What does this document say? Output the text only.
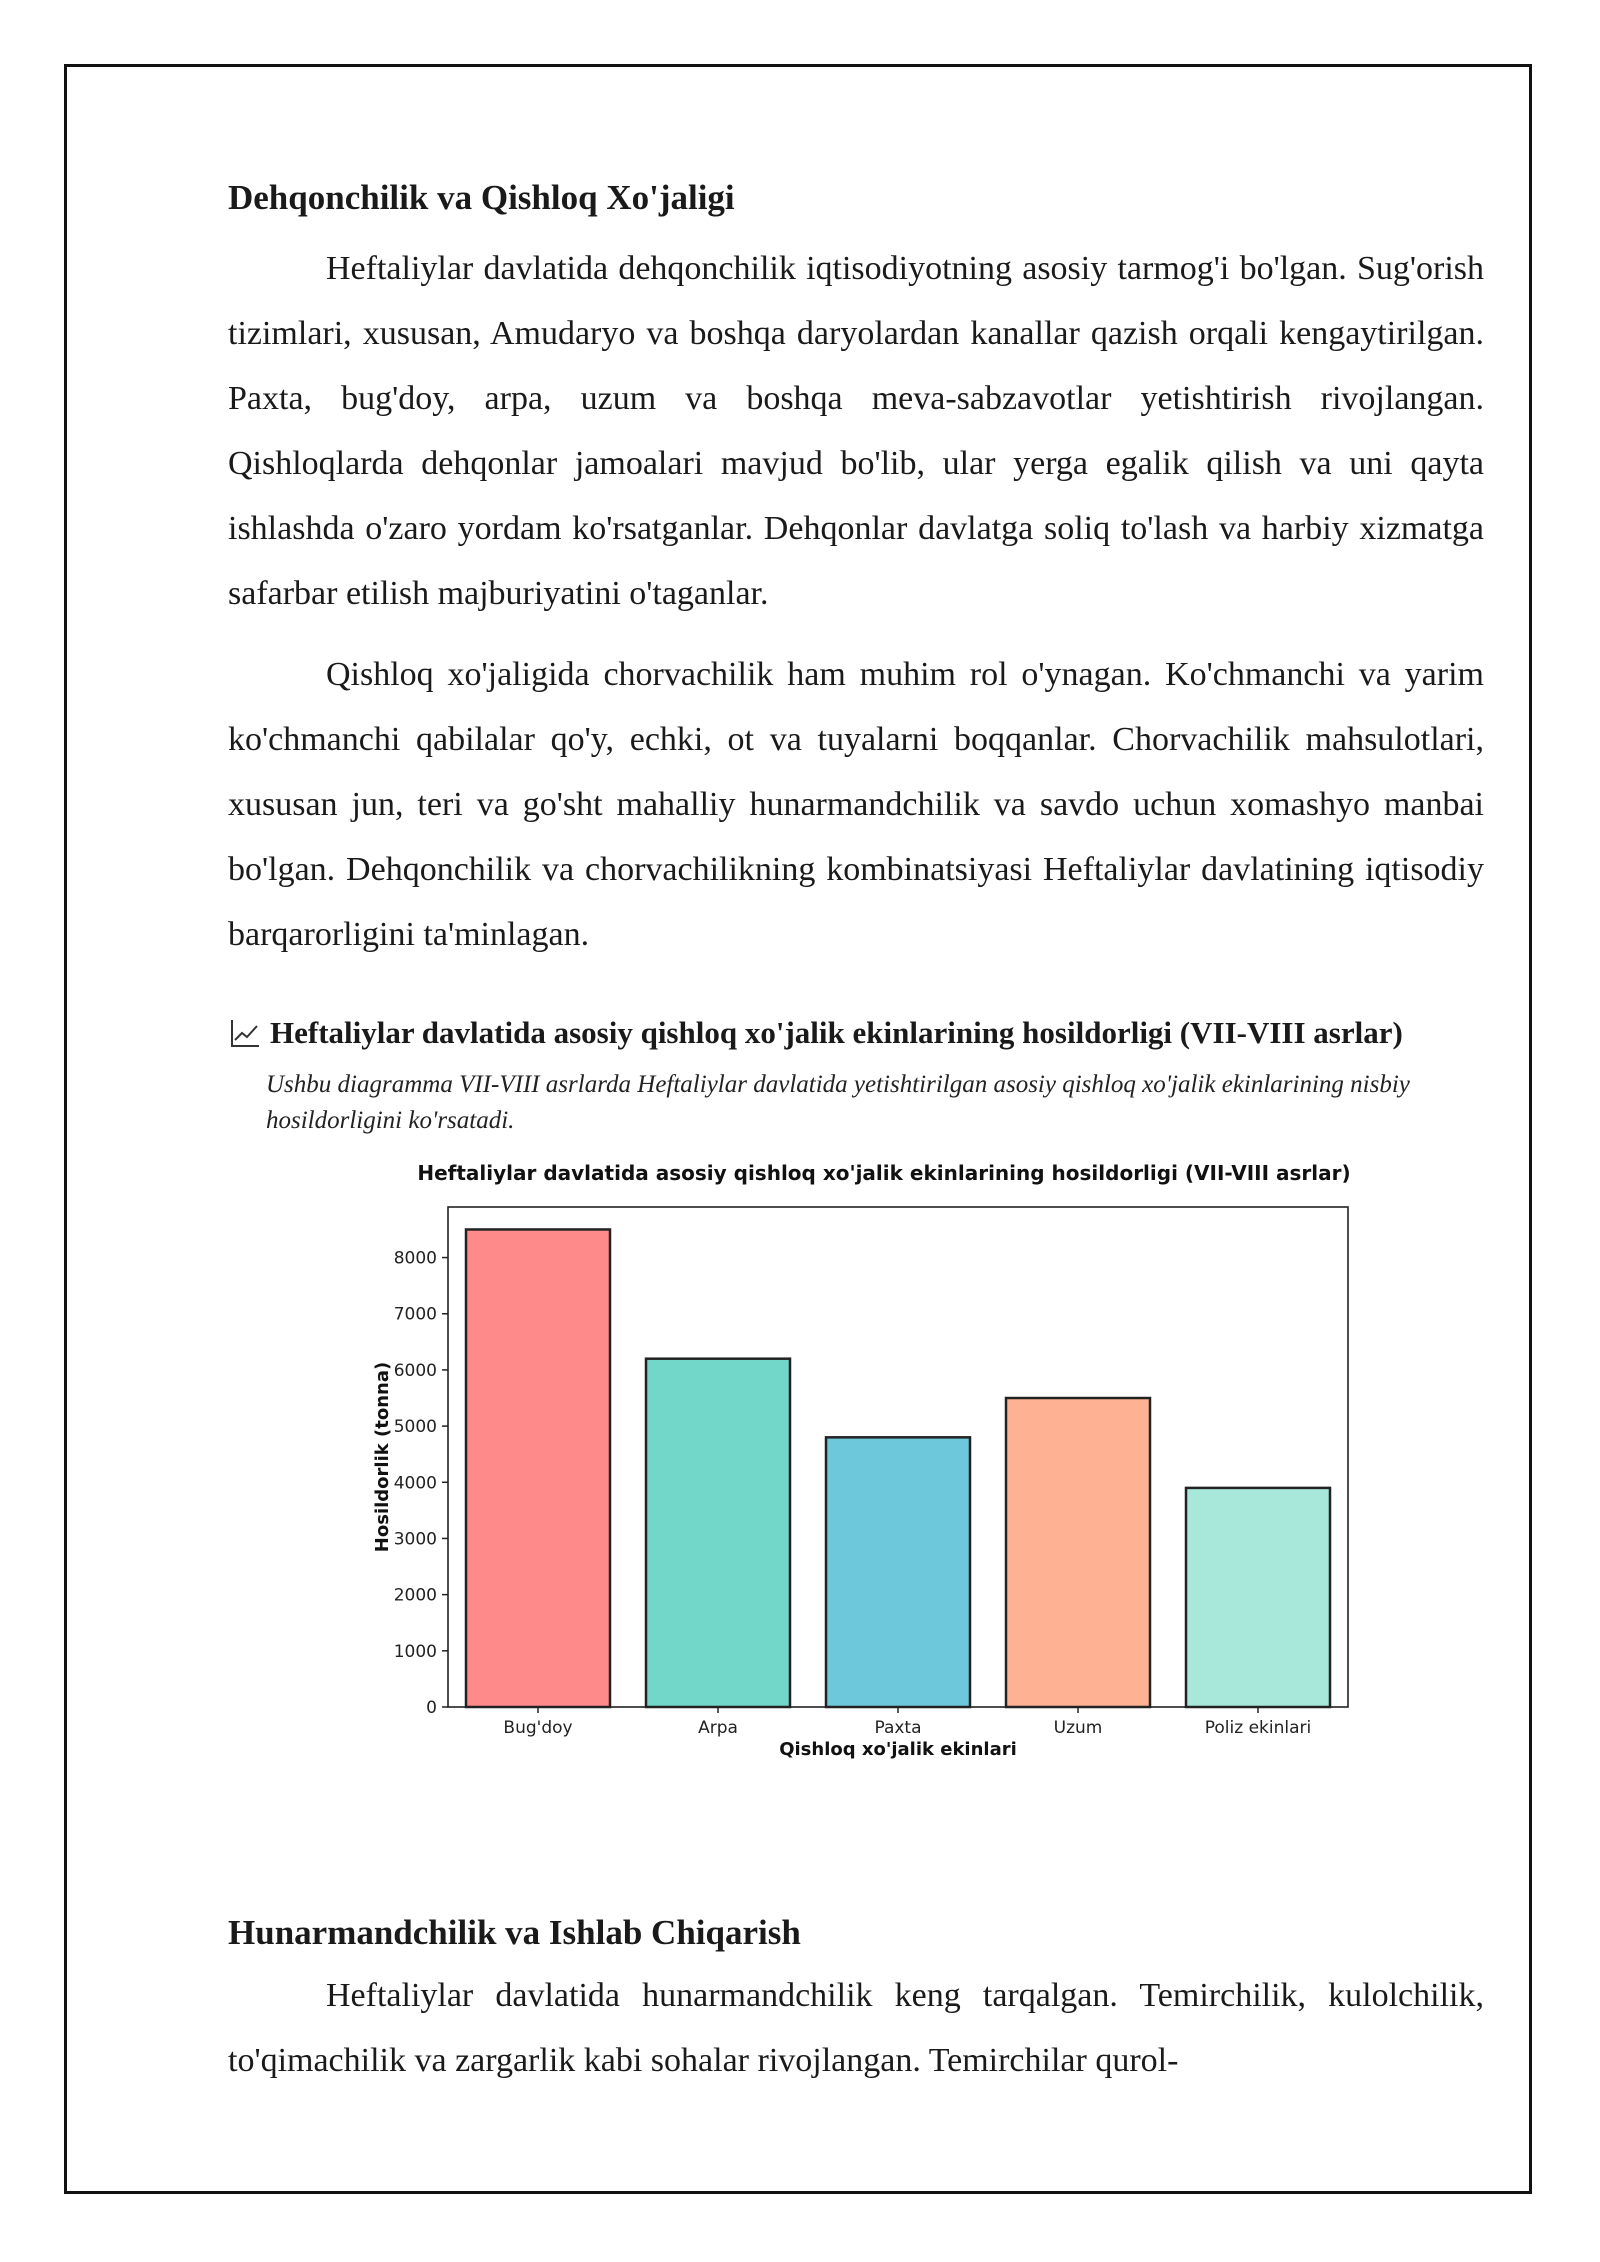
Dehqonchilik va Qishloq Xo'jaligi

Heftaliylar davlatida dehqonchilik iqtisodiyotning asosiy tarmog'i bo'lgan. Sug'orish tizimlari, xususan, Amudaryo va boshqa daryolardan kanallar qazish orqali kengaytirilgan. Paxta, bug'doy, arpa, uzum va boshqa meva-sabzavotlar yetishtirish rivojlangan. Qishloqlarda dehqonlar jamoalari mavjud bo'lib, ular yerga egalik qilish va uni qayta ishlashda o'zaro yordam ko'rsatganlar. Dehqonlar davlatga soliq to'lash va harbiy xizmatga safarbar etilish majburiyatini o'taganlar.

Qishloq xo'jaligida chorvachilik ham muhim rol o'ynagan. Ko'chmanchi va yarim ko'chmanchi qabilalar qo'y, echki, ot va tuyalarni boqqanlar. Chorvachilik mahsulotlari, xususan jun, teri va go'sht mahalliy hunarmandchilik va savdo uchun xomashyo manbai bo'lgan. Dehqonchilik va chorvachilikning kombinatsiyasi Heftaliylar davlatining iqtisodiy barqarorligini ta'minlagan.

Heftaliylar davlatida asosiy qishloq xo'jalik ekinlarining hosildorligi (VII-VIII asrlar)
Ushbu diagramma VII-VIII asrlarda Heftaliylar davlatida yetishtirilgan asosiy qishloq xo'jalik ekinlarining nisbiy hosildorligini ko'rsatadi.
Heftaliylar davlatida asosiy qishloq xo'jalik ekinlarining hosildorligi (VII-VIII asrlar)
Bug'doy	Arpa	Paxta	Uzum	Poliz ekinlari
0
1000
2000
3000
4000
5000
6000
7000
8000
Qishloq xo'jalik ekinlari
Hosildorlik (tonna)
Hunarmandchilik va Ishlab Chiqarish

Heftaliylar davlatida hunarmandchilik keng tarqalgan. Temirchilik, kulolchilik, to'qimachilik va zargarlik kabi sohalar rivojlangan. Temirchilar qurol-
